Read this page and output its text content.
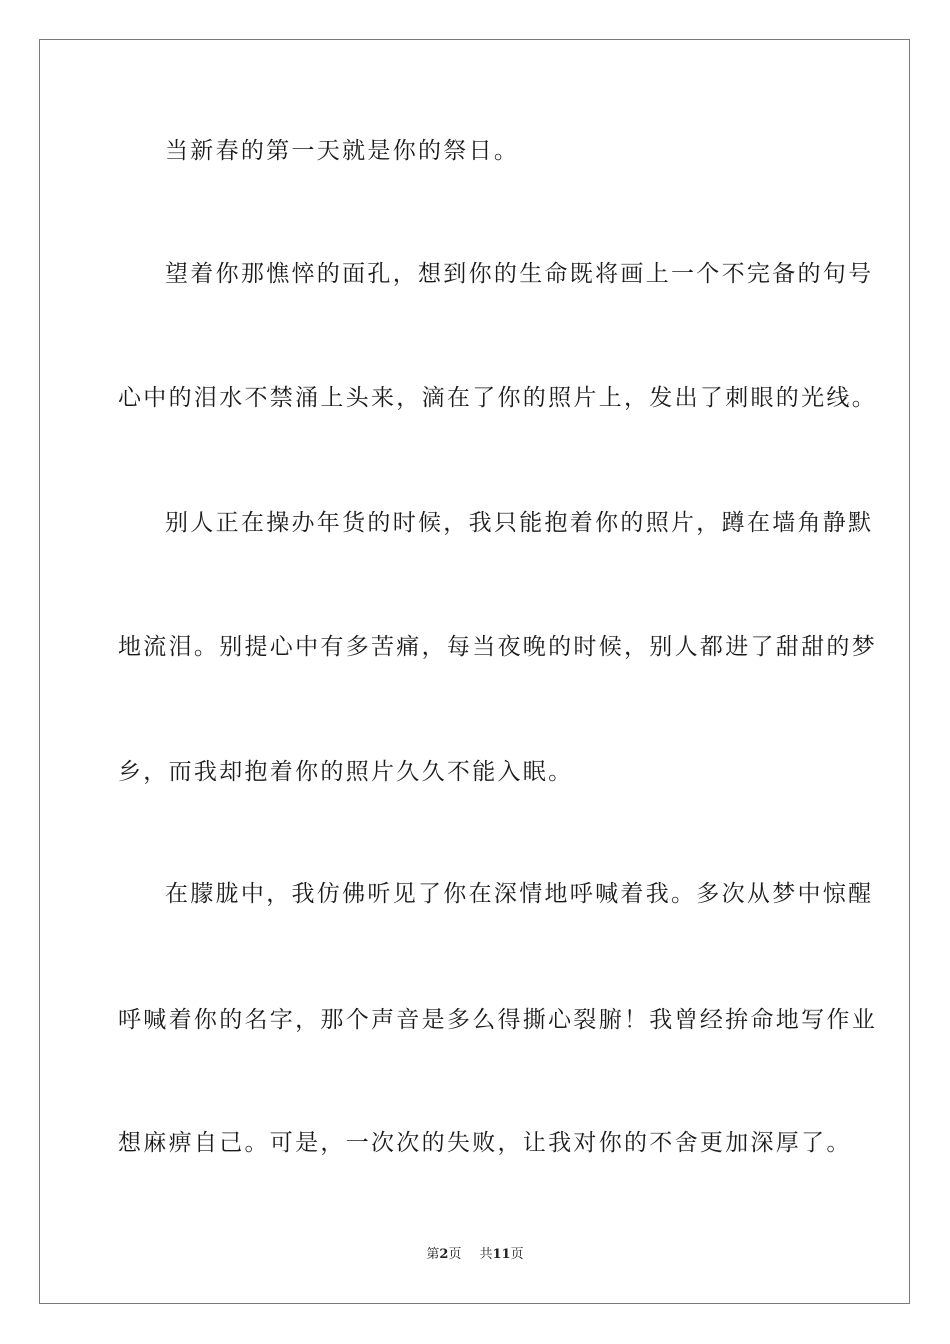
当新春的第一天就是你的祭日。
望着你那憔悴的面孔，想到你的生命既将画上一个不完备的句号
心中的泪水不禁涌上头来，滴在了你的照片上，发出了刺眼的光线。
别人正在操办年货的时候，我只能抱着你的照片，蹲在墙角静默
地流泪。别提心中有多苦痛，每当夜晚的时候，别人都进了甜甜的梦
乡，而我却抱着你的照片久久不能入眠。
在朦胧中，我仿佛听见了你在深情地呼喊着我。多次从梦中惊醒
呼喊着你的名字，那个声音是多么得撕心裂腑！我曾经拚命地写作业
想麻痹自己。可是，一次次的失败，让我对你的不舍更加深厚了。
第2页 共11页
